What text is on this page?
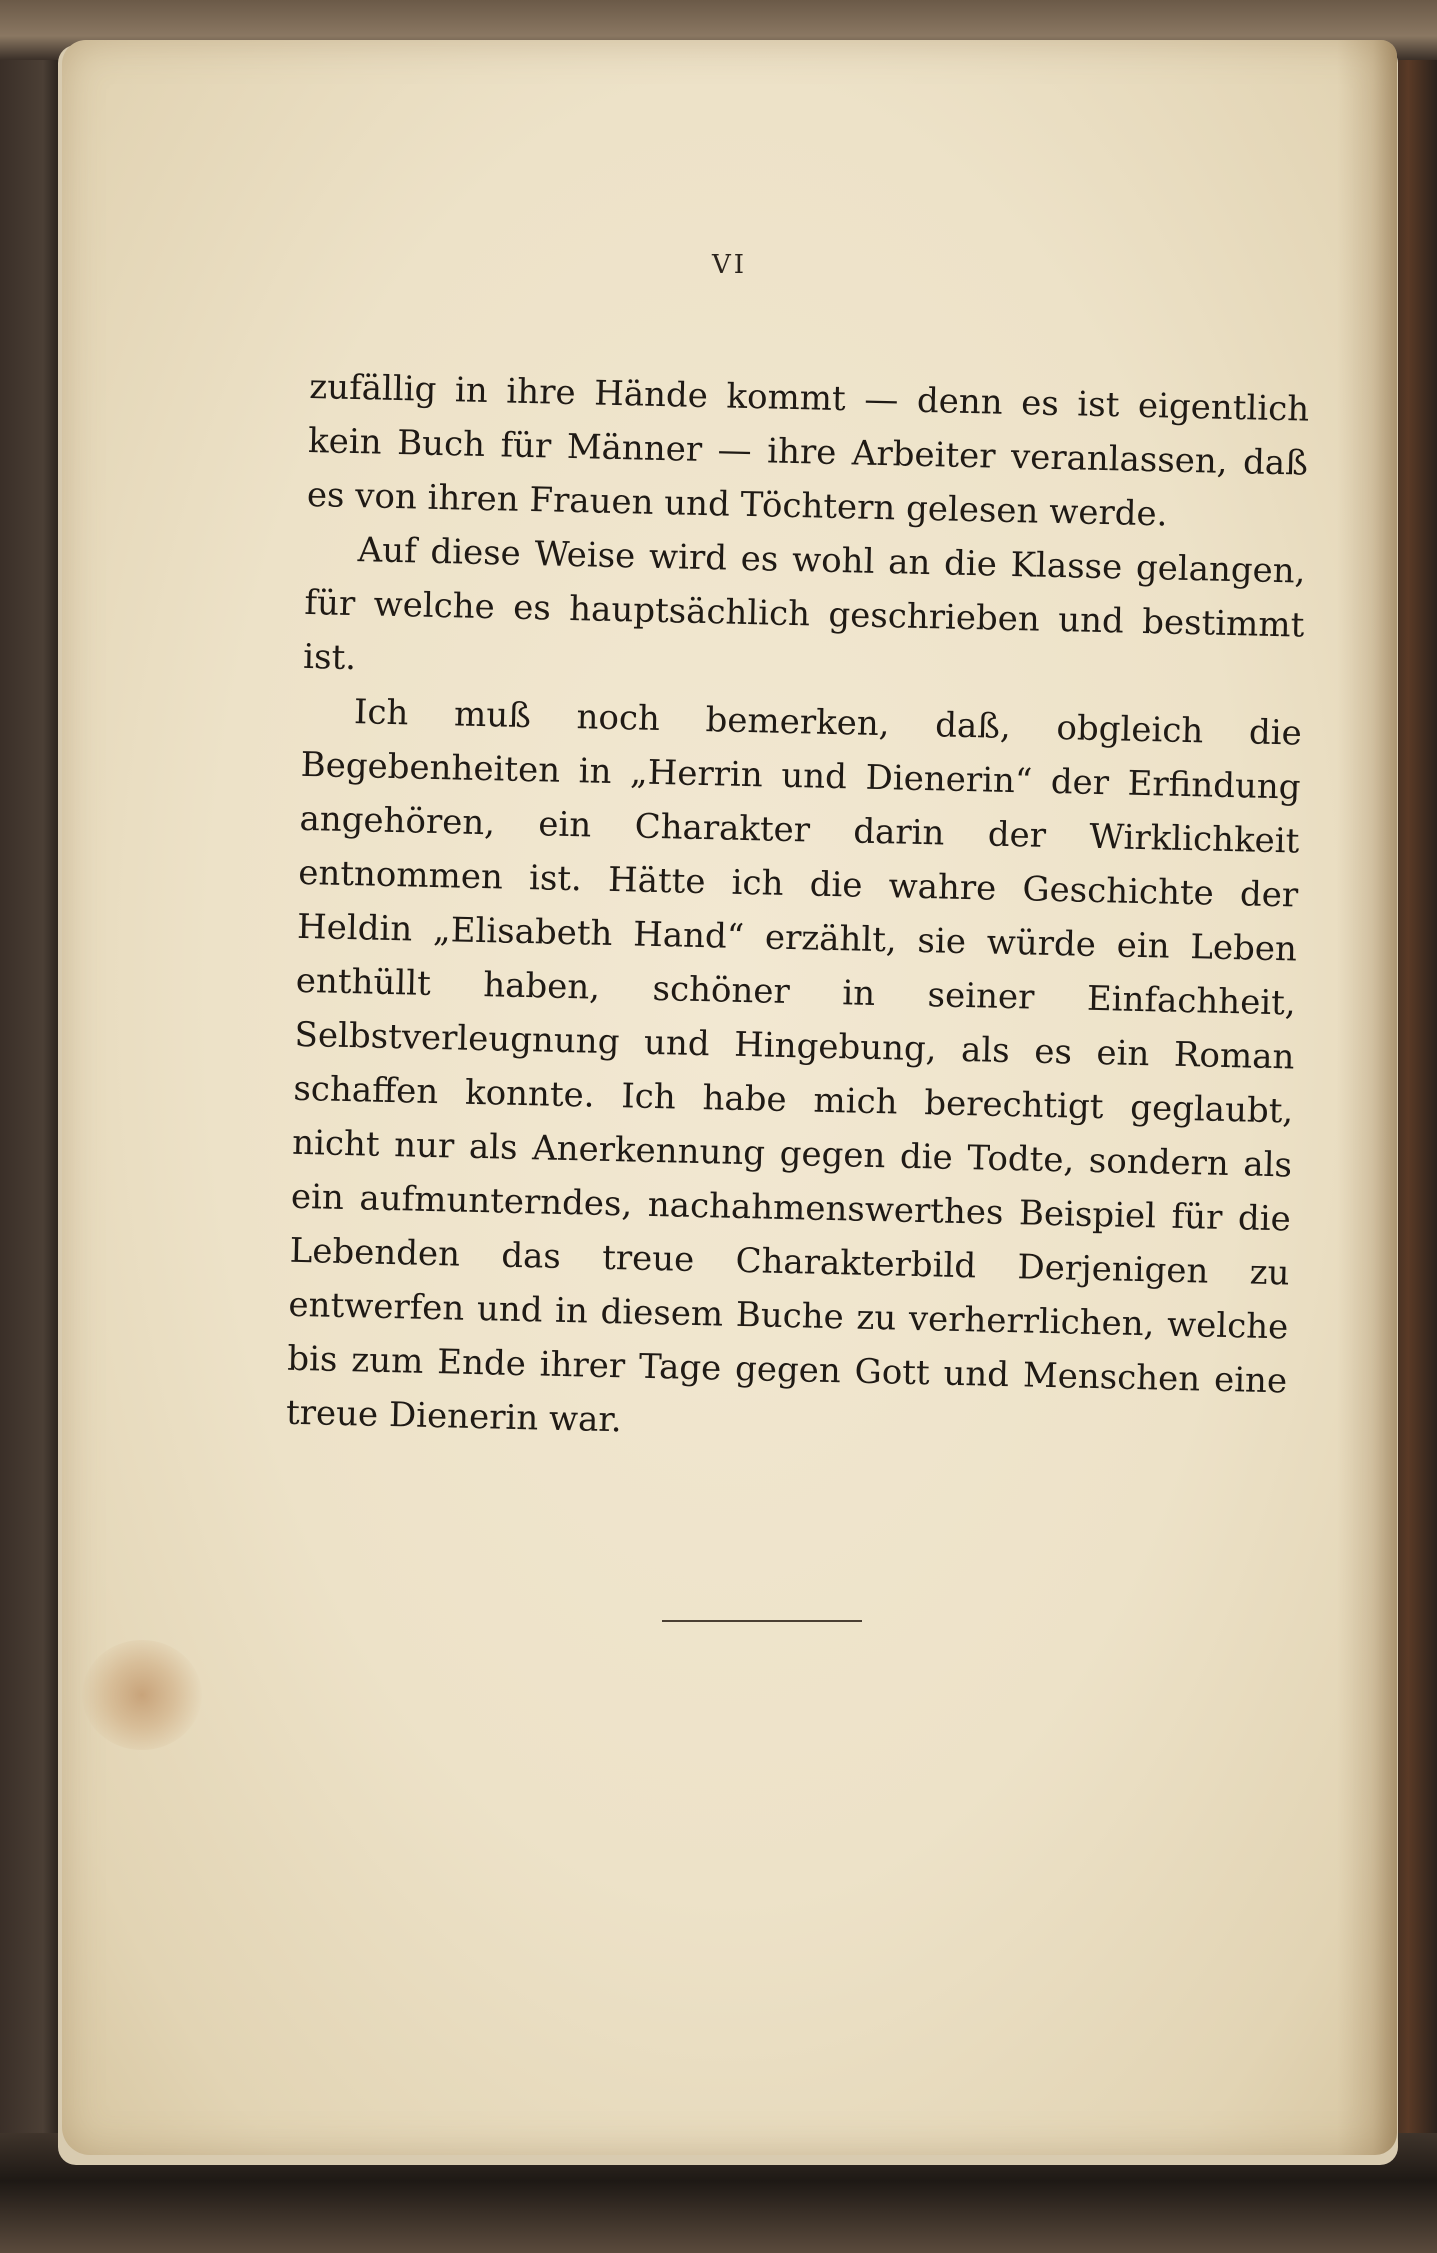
VI

zufällig in ihre Hände kommt — denn es ist eigentlich kein Buch für Männer — ihre Arbeiter veranlassen, daß es von ihren Frauen und Töchtern gelesen werde.

Auf diese Weise wird es wohl an die Klasse gelangen, für welche es hauptsächlich geschrieben und bestimmt ist.

Ich muß noch bemerken, daß, obgleich die Begebenheiten in „Herrin und Dienerin“ der Erfindung angehören, ein Charakter darin der Wirklichkeit entnommen ist. Hätte ich die wahre Geschichte der Heldin „Elisabeth Hand“ erzählt, sie würde ein Leben enthüllt haben, schöner in seiner Einfachheit, Selbstverleugnung und Hingebung, als es ein Roman schaffen konnte. Ich habe mich berechtigt geglaubt, nicht nur als Anerkennung gegen die Todte, sondern als ein aufmunterndes, nachahmenswerthes Beispiel für die Lebenden das treue Charakterbild Derjenigen zu entwerfen und in diesem Buche zu verherrlichen, welche bis zum Ende ihrer Tage gegen Gott und Menschen eine treue Dienerin war.
